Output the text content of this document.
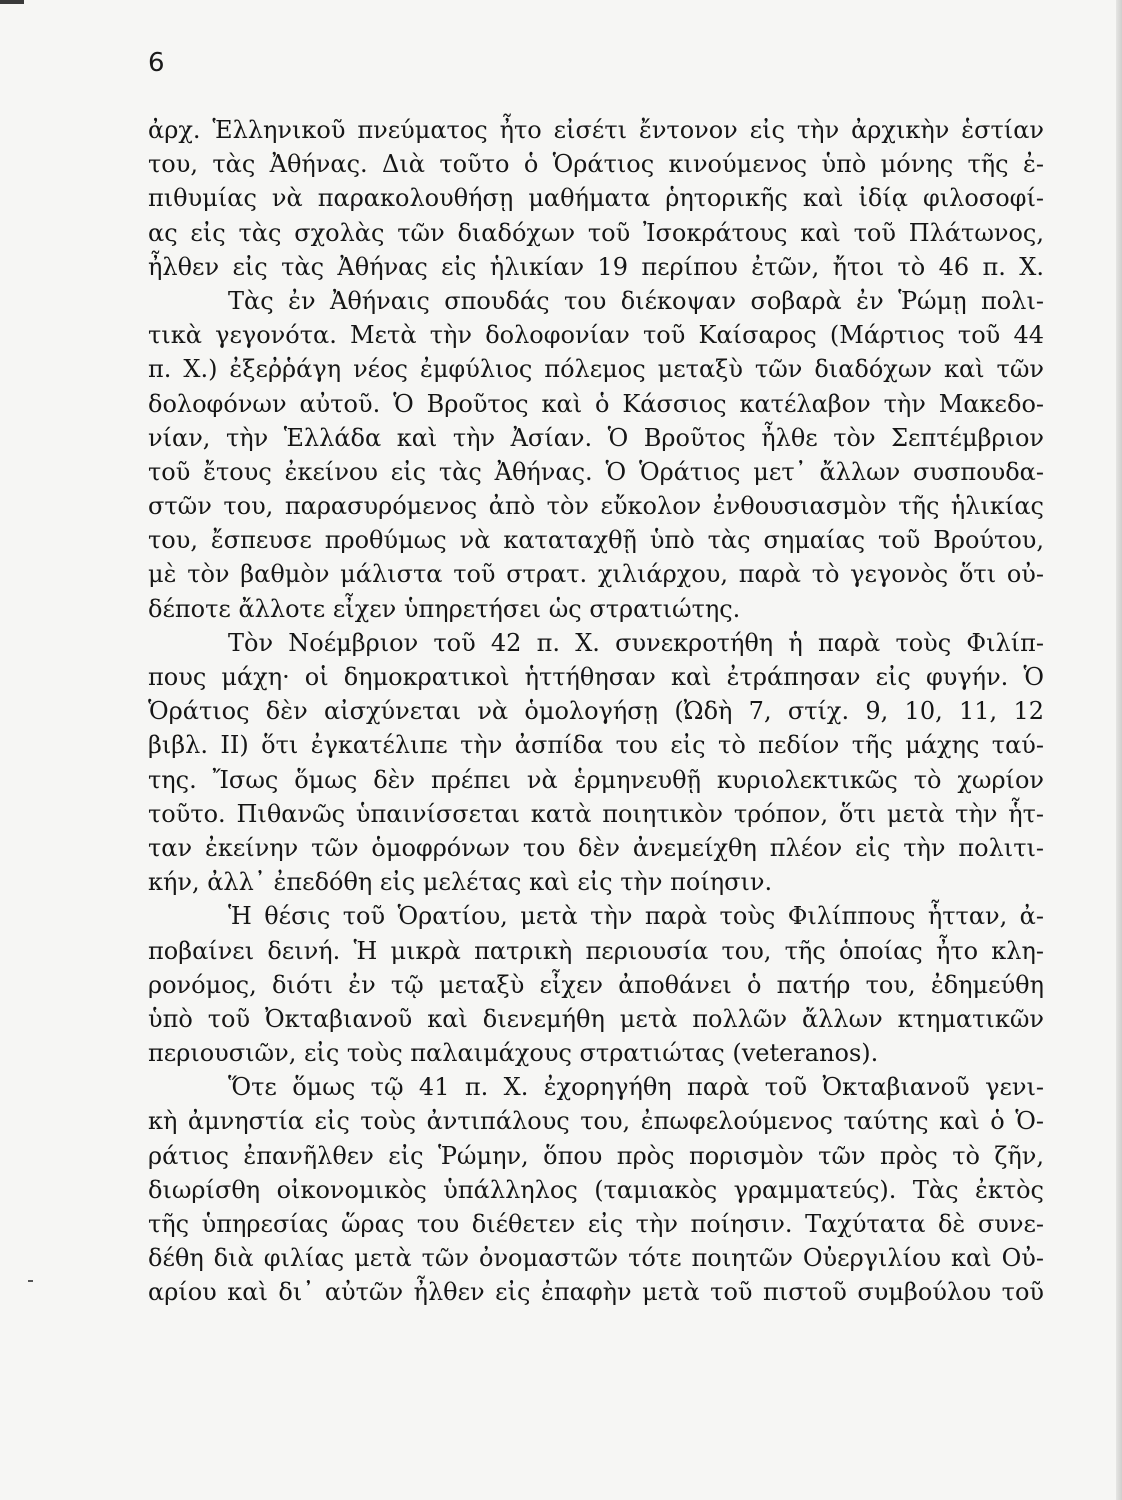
6
ἀρχ. Ἑλληνικοῦ πνεύματος ἦτο εἰσέτι ἔντονον εἰς τὴν ἀρχικὴν ἑστίαν
του, τὰς Ἀθήνας. Διὰ τοῦτο ὁ Ὁράτιος κινούμενος ὑπὸ μόνης τῆς ἐ-
πιθυμίας νὰ παρακολουθήσῃ μαθήματα ῥητορικῆς καὶ ἰδίᾳ φιλοσοφί-
ας εἰς τὰς σχολὰς τῶν διαδόχων τοῦ Ἰσοκράτους καὶ τοῦ Πλάτωνος,
ἦλθεν εἰς τὰς Ἀθήνας εἰς ἡλικίαν 19 περίπου ἐτῶν, ἤτοι τὸ 46 π. Χ.
Τὰς ἐν Ἀθήναις σπουδάς του διέκοψαν σοβαρὰ ἐν Ῥώμῃ πολι-
τικὰ γεγονότα. Μετὰ τὴν δολοφονίαν τοῦ Καίσαρος (Μάρτιος τοῦ 44
π. Χ.) ἐξεῤῥάγη νέος ἐμφύλιος πόλεμος μεταξὺ τῶν διαδόχων καὶ τῶν
δολοφόνων αὐτοῦ. Ὁ Βροῦτος καὶ ὁ Κάσσιος κατέλαβον τὴν Μακεδο-
νίαν, τὴν Ἑλλάδα καὶ τὴν Ἀσίαν. Ὁ Βροῦτος ἦλθε τὸν Σεπτέμβριον
τοῦ ἔτους ἐκείνου εἰς τὰς Ἀθήνας. Ὁ Ὁράτιος μετ᾿ ἄλλων συσπουδα-
στῶν του, παρασυρόμενος ἀπὸ τὸν εὔκολον ἐνθουσιασμὸν τῆς ἡλικίας
του, ἔσπευσε προθύμως νὰ καταταχθῇ ὑπὸ τὰς σημαίας τοῦ Βρούτου,
μὲ τὸν βαθμὸν μάλιστα τοῦ στρατ. χιλιάρχου, παρὰ τὸ γεγονὸς ὅτι οὐ-
δέποτε ἄλλοτε εἶχεν ὑπηρετήσει ὡς στρατιώτης.
Τὸν Νοέμβριον τοῦ 42 π. Χ. συνεκροτήθη ἡ παρὰ τοὺς Φιλίπ-
πους μάχη· οἱ δημοκρατικοὶ ἡττήθησαν καὶ ἐτράπησαν εἰς φυγήν. Ὁ
Ὁράτιος δὲν αἰσχύνεται νὰ ὁμολογήσῃ (Ὠδὴ 7, στίχ. 9, 10, 11, 12
βιβλ. ΙΙ) ὅτι ἐγκατέλιπε τὴν ἀσπίδα του εἰς τὸ πεδίον τῆς μάχης ταύ-
της. Ἴσως ὅμως δὲν πρέπει νὰ ἑρμηνευθῇ κυριολεκτικῶς τὸ χωρίον
τοῦτο. Πιθανῶς ὑπαινίσσεται κατὰ ποιητικὸν τρόπον, ὅτι μετὰ τὴν ἧτ-
ταν ἐκείνην τῶν ὁμοφρόνων του δὲν ἀνεμείχθη πλέον εἰς τὴν πολιτι-
κήν, ἀλλ᾿ ἐπεδόθη εἰς μελέτας καὶ εἰς τὴν ποίησιν.
Ἡ θέσις τοῦ Ὁρατίου, μετὰ τὴν παρὰ τοὺς Φιλίππους ἧτταν, ἀ-
ποβαίνει δεινή. Ἡ μικρὰ πατρικὴ περιουσία του, τῆς ὁποίας ἦτο κλη-
ρονόμος, διότι ἐν τῷ μεταξὺ εἶχεν ἀποθάνει ὁ πατήρ του, ἐδημεύθη
ὑπὸ τοῦ Ὀκταβιανοῦ καὶ διενεμήθη μετὰ πολλῶν ἄλλων κτηματικῶν
περιουσιῶν, εἰς τοὺς παλαιμάχους στρατιώτας (veteranos).
Ὅτε ὅμως τῷ 41 π. Χ. ἐχορηγήθη παρὰ τοῦ Ὀκταβιανοῦ γενι-
κὴ ἀμνηστία εἰς τοὺς ἀντιπάλους του, ἐπωφελούμενος ταύτης καὶ ὁ Ὁ-
ράτιος ἐπανῆλθεν εἰς Ῥώμην, ὅπου πρὸς πορισμὸν τῶν πρὸς τὸ ζῆν,
διωρίσθη οἰκονομικὸς ὑπάλληλος (ταμιακὸς γραμματεύς). Τὰς ἐκτὸς
τῆς ὑπηρεσίας ὥρας του διέθετεν εἰς τὴν ποίησιν. Ταχύτατα δὲ συνε-
δέθη διὰ φιλίας μετὰ τῶν ὀνομαστῶν τότε ποιητῶν Οὐεργιλίου καὶ Οὐ-
αρίου καὶ δι᾿ αὐτῶν ἦλθεν εἰς ἐπαφὴν μετὰ τοῦ πιστοῦ συμβούλου τοῦ
